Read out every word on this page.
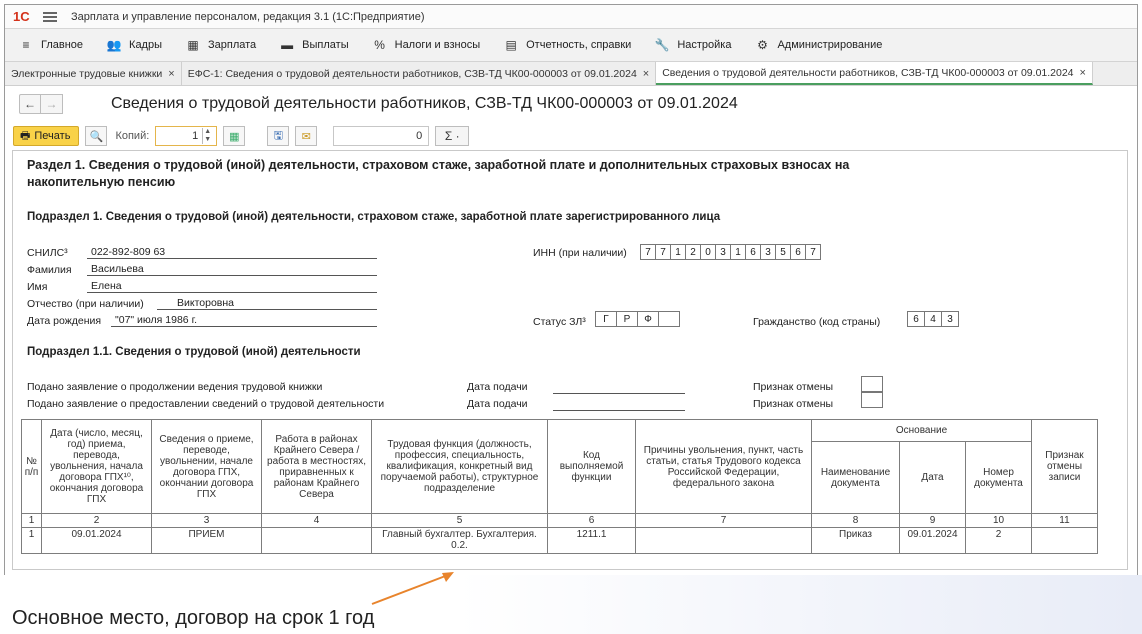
1С	Зарплата и управление персоналом, редакция 3.1 (1С:Предприятие)
≡	Главное 👥 Кадры ▦ Зарплата ▬ Выплаты	% Налоги и взносы ▤ Отчетность, справки 🔧 Настройка	⚙ Администрирование
Электронные трудовые книжки × ЕФС-1: Сведения о трудовой деятельности работников, СЗВ-ТД ЧК00-000003 от 09.01.2024 × Сведения о трудовой деятельности работников, СЗВ-ТД ЧК00-000003 от 09.01.2024 ×
← →	Сведения о трудовой деятельности работников, СЗВ-ТД ЧК00-000003 от 09.01.2024
🖶 Печать 🔍 Копий:	1 ▲
▼ ▦	🖫 ✉	0 Σ ·
Раздел 1. Сведения о трудовой (иной) деятельности, страховом стаже, заработной плате и дополнительных страховых взносах на накопительную пенсию
Подраздел 1. Сведения о трудовой (иной) деятельности, страховом стаже, заработной плате зарегистрированного лица
СНИЛС³	022-892-809 63
Фамилия	Васильева
Имя	Елена
Отчество (при наличии)	Викторовна
Дата рождения	"07" июля 1986 г.
ИНН (при наличии)	7 7 1 2 0 3 1 6 3 5 6 7
Статус ЗЛ³	Г	Р	Ф	Гражданство (код страны)	6	4	3
Подраздел 1.1. Сведения о трудовой (иной) деятельности
Подано заявление о продолжении ведения трудовой книжки	Дата подачи	Признак отмены
Подано заявление о предоставлении сведений о трудовой деятельности	Дата подачи	Признак отмены
№ п/п	Дата (число, месяц, год) приема, перевода, увольнения, начала договора ГПХ¹⁰, окончания договора ГПХ	Сведения о приеме, переводе, увольнении, начале договора ГПХ, окончании договора ГПХ	Работа в районах Крайнего Севера / работа в местностях, приравненных к районам Крайнего Севера	Трудовая функция (должность, профессия, специальность, квалификация, конкретный вид поручаемой работы), структурное подразделение	Код выполняемой функции	Причины увольнения, пункт, часть статьи, статья Трудового кодекса Российской Федерации, федерального закона	Основание			Признак отмены записи
							Наименование документа	Дата	Номер документа	
1	2	3	4	5	6	7	8	9	10	11
1	09.01.2024	ПРИЕМ		Главный бухгалтер. Бухгалтерия. 0.2.	1211.1		Приказ	09.01.2024	2	
Основное место, договор на срок 1 год
